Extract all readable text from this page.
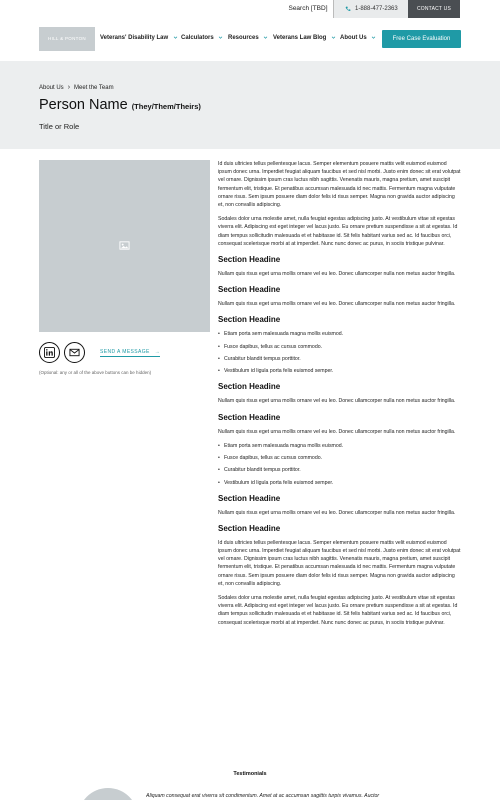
Search [TBD]	1-888-477-2363	CONTACT US
HILL & PONTON	Veterans' Disability Law	Calculators	Resources	Veterans Law Blog	About Us	Free Case Evaluation
About Us › Meet the Team
Person Name (They/Them/Theirs)
Title or Role
SEND A MESSAGE →
(Optional: any or all of the above buttons can be hidden)

Id duis ultricies tellus pellentesque lacus. Semper elementum posuere mattis velit euismod euismod ipsum donec urna. Imperdiet feugiat aliquam faucibus et sed nisl morbi. Justo enim donec sit erat volutpat vel ornare. Dignissim ipsum cras luctus nibh sagittis. Venenatis mauris, magna pretium, amet suscipit fermentum elit, tristique. Et penatibus accumsan malesuada id nec mattis. Fermentum magna vulputate ornare risus. Sem ipsum posuere diam dolor felis id risus semper. Magna non gravida auctor adipiscing et, non convallis adipiscing.

Sodales dolor urna molestie amet, nulla feugiat egestas adipiscing justo. At vestibulum vitae sit egestas viverra elit. Adipiscing est eget integer vel lacus justo. Eu ornare pretium suspendisse a sit at egestas. Id diam tempus sollicitudin malesuada et et habitasse id. Sit felis habitant varius sed ac. Id faucibus orci, consequat scelerisque morbi at at imperdiet. Nunc nunc donec ac purus, in sociis tristique pulvinar.

Section Headine

Nullam quis risus eget urna mollis ornare vel eu leo. Donec ullamcorper nulla non metus auctor fringilla.

Section Headine

Nullam quis risus eget urna mollis ornare vel eu leo. Donec ullamcorper nulla non metus auctor fringilla.

Section Headine
• Etiam porta sem malesuada magna mollis euismod.
• Fusce dapibus, tellus ac cursus commodo.
• Curabitur blandit tempus porttitor.
• Vestibulum id ligula porta felis euismod semper.
Section Headine

Nullam quis risus eget urna mollis ornare vel eu leo. Donec ullamcorper nulla non metus auctor fringilla.

Section Headine

Nullam quis risus eget urna mollis ornare vel eu leo. Donec ullamcorper nulla non metus auctor fringilla.

• Etiam porta sem malesuada magna mollis euismod.
• Fusce dapibus, tellus ac cursus commodo.
• Curabitur blandit tempus porttitor.
• Vestibulum id ligula porta felis euismod semper.
Section Headine

Nullam quis risus eget urna mollis ornare vel eu leo. Donec ullamcorper nulla non metus auctor fringilla.

Section Headine

Id duis ultricies tellus pellentesque lacus. Semper elementum posuere mattis velit euismod euismod ipsum donec urna. Imperdiet feugiat aliquam faucibus et sed nisl morbi. Justo enim donec sit erat volutpat vel ornare. Dignissim ipsum cras luctus nibh sagittis. Venenatis mauris, magna pretium, amet suscipit fermentum elit, tristique. Et penatibus accumsan malesuada id nec mattis. Fermentum magna vulputate ornare risus. Sem ipsum posuere diam dolor felis id risus semper. Magna non gravida auctor adipiscing et, non convallis adipiscing.

Sodales dolor urna molestie amet, nulla feugiat egestas adipiscing justo. At vestibulum vitae sit egestas viverra elit. Adipiscing est eget integer vel lacus justo. Eu ornare pretium suspendisse a sit at egestas. Id diam tempus sollicitudin malesuada et et habitasse id. Sit felis habitant varius sed ac. Id faucibus orci, consequat scelerisque morbi at at imperdiet. Nunc nunc donec ac purus, in sociis tristique pulvinar.

Testimonials
Aliquam consequat erat viverra sit condimentum. Amet at ac accumsan sagittis turpis vivamus. Auctor
